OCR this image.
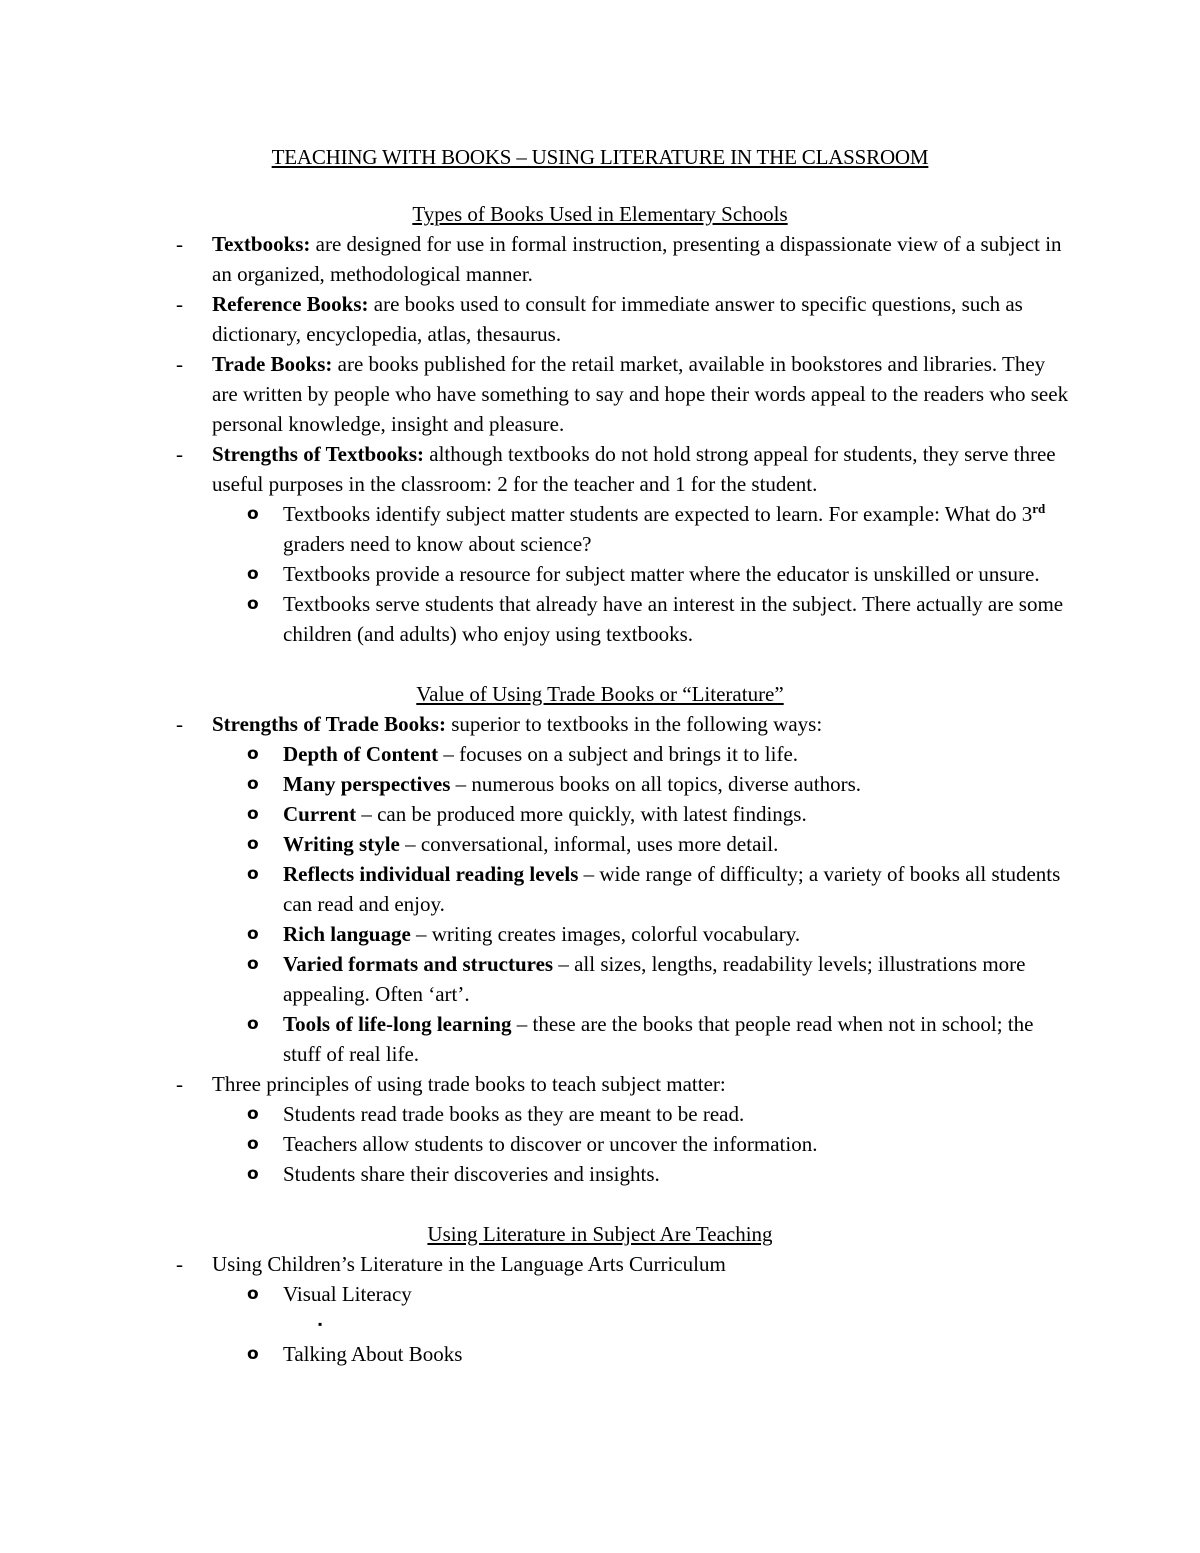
TEACHING WITH BOOKS – USING LITERATURE IN THE CLASSROOM
Types of Books Used in Elementary Schools
- Textbooks: are designed for use in formal instruction, presenting a dispassionate view of a subject in an organized, methodological manner.
- Reference Books: are books used to consult for immediate answer to specific questions, such as dictionary, encyclopedia, atlas, thesaurus.
- Trade Books: are books published for the retail market, available in bookstores and libraries. They are written by people who have something to say and hope their words appeal to the readers who seek personal knowledge, insight and pleasure.
- Strengths of Textbooks: although textbooks do not hold strong appeal for students, they serve three useful purposes in the classroom: 2 for the teacher and 1 for the student.
o Textbooks identify subject matter students are expected to learn. For example: What do 3rd graders need to know about science?
o Textbooks provide a resource for subject matter where the educator is unskilled or unsure.
o Textbooks serve students that already have an interest in the subject. There actually are some children (and adults) who enjoy using textbooks.
Value of Using Trade Books or “Literature”
- Strengths of Trade Books: superior to textbooks in the following ways:
o Depth of Content – focuses on a subject and brings it to life.
o Many perspectives – numerous books on all topics, diverse authors.
o Current – can be produced more quickly, with latest findings.
o Writing style – conversational, informal, uses more detail.
o Reflects individual reading levels – wide range of difficulty; a variety of books all students can read and enjoy.
o Rich language – writing creates images, colorful vocabulary.
o Varied formats and structures – all sizes, lengths, readability levels; illustrations more appealing. Often ‘art’.
o Tools of life-long learning – these are the books that people read when not in school; the stuff of real life.
- Three principles of using trade books to teach subject matter:
o Students read trade books as they are meant to be read.
o Teachers allow students to discover or uncover the information.
o Students share their discoveries and insights.
Using Literature in Subject Are Teaching
- Using Children’s Literature in the Language Arts Curriculum
o Visual Literacy
▪
o Talking About Books
